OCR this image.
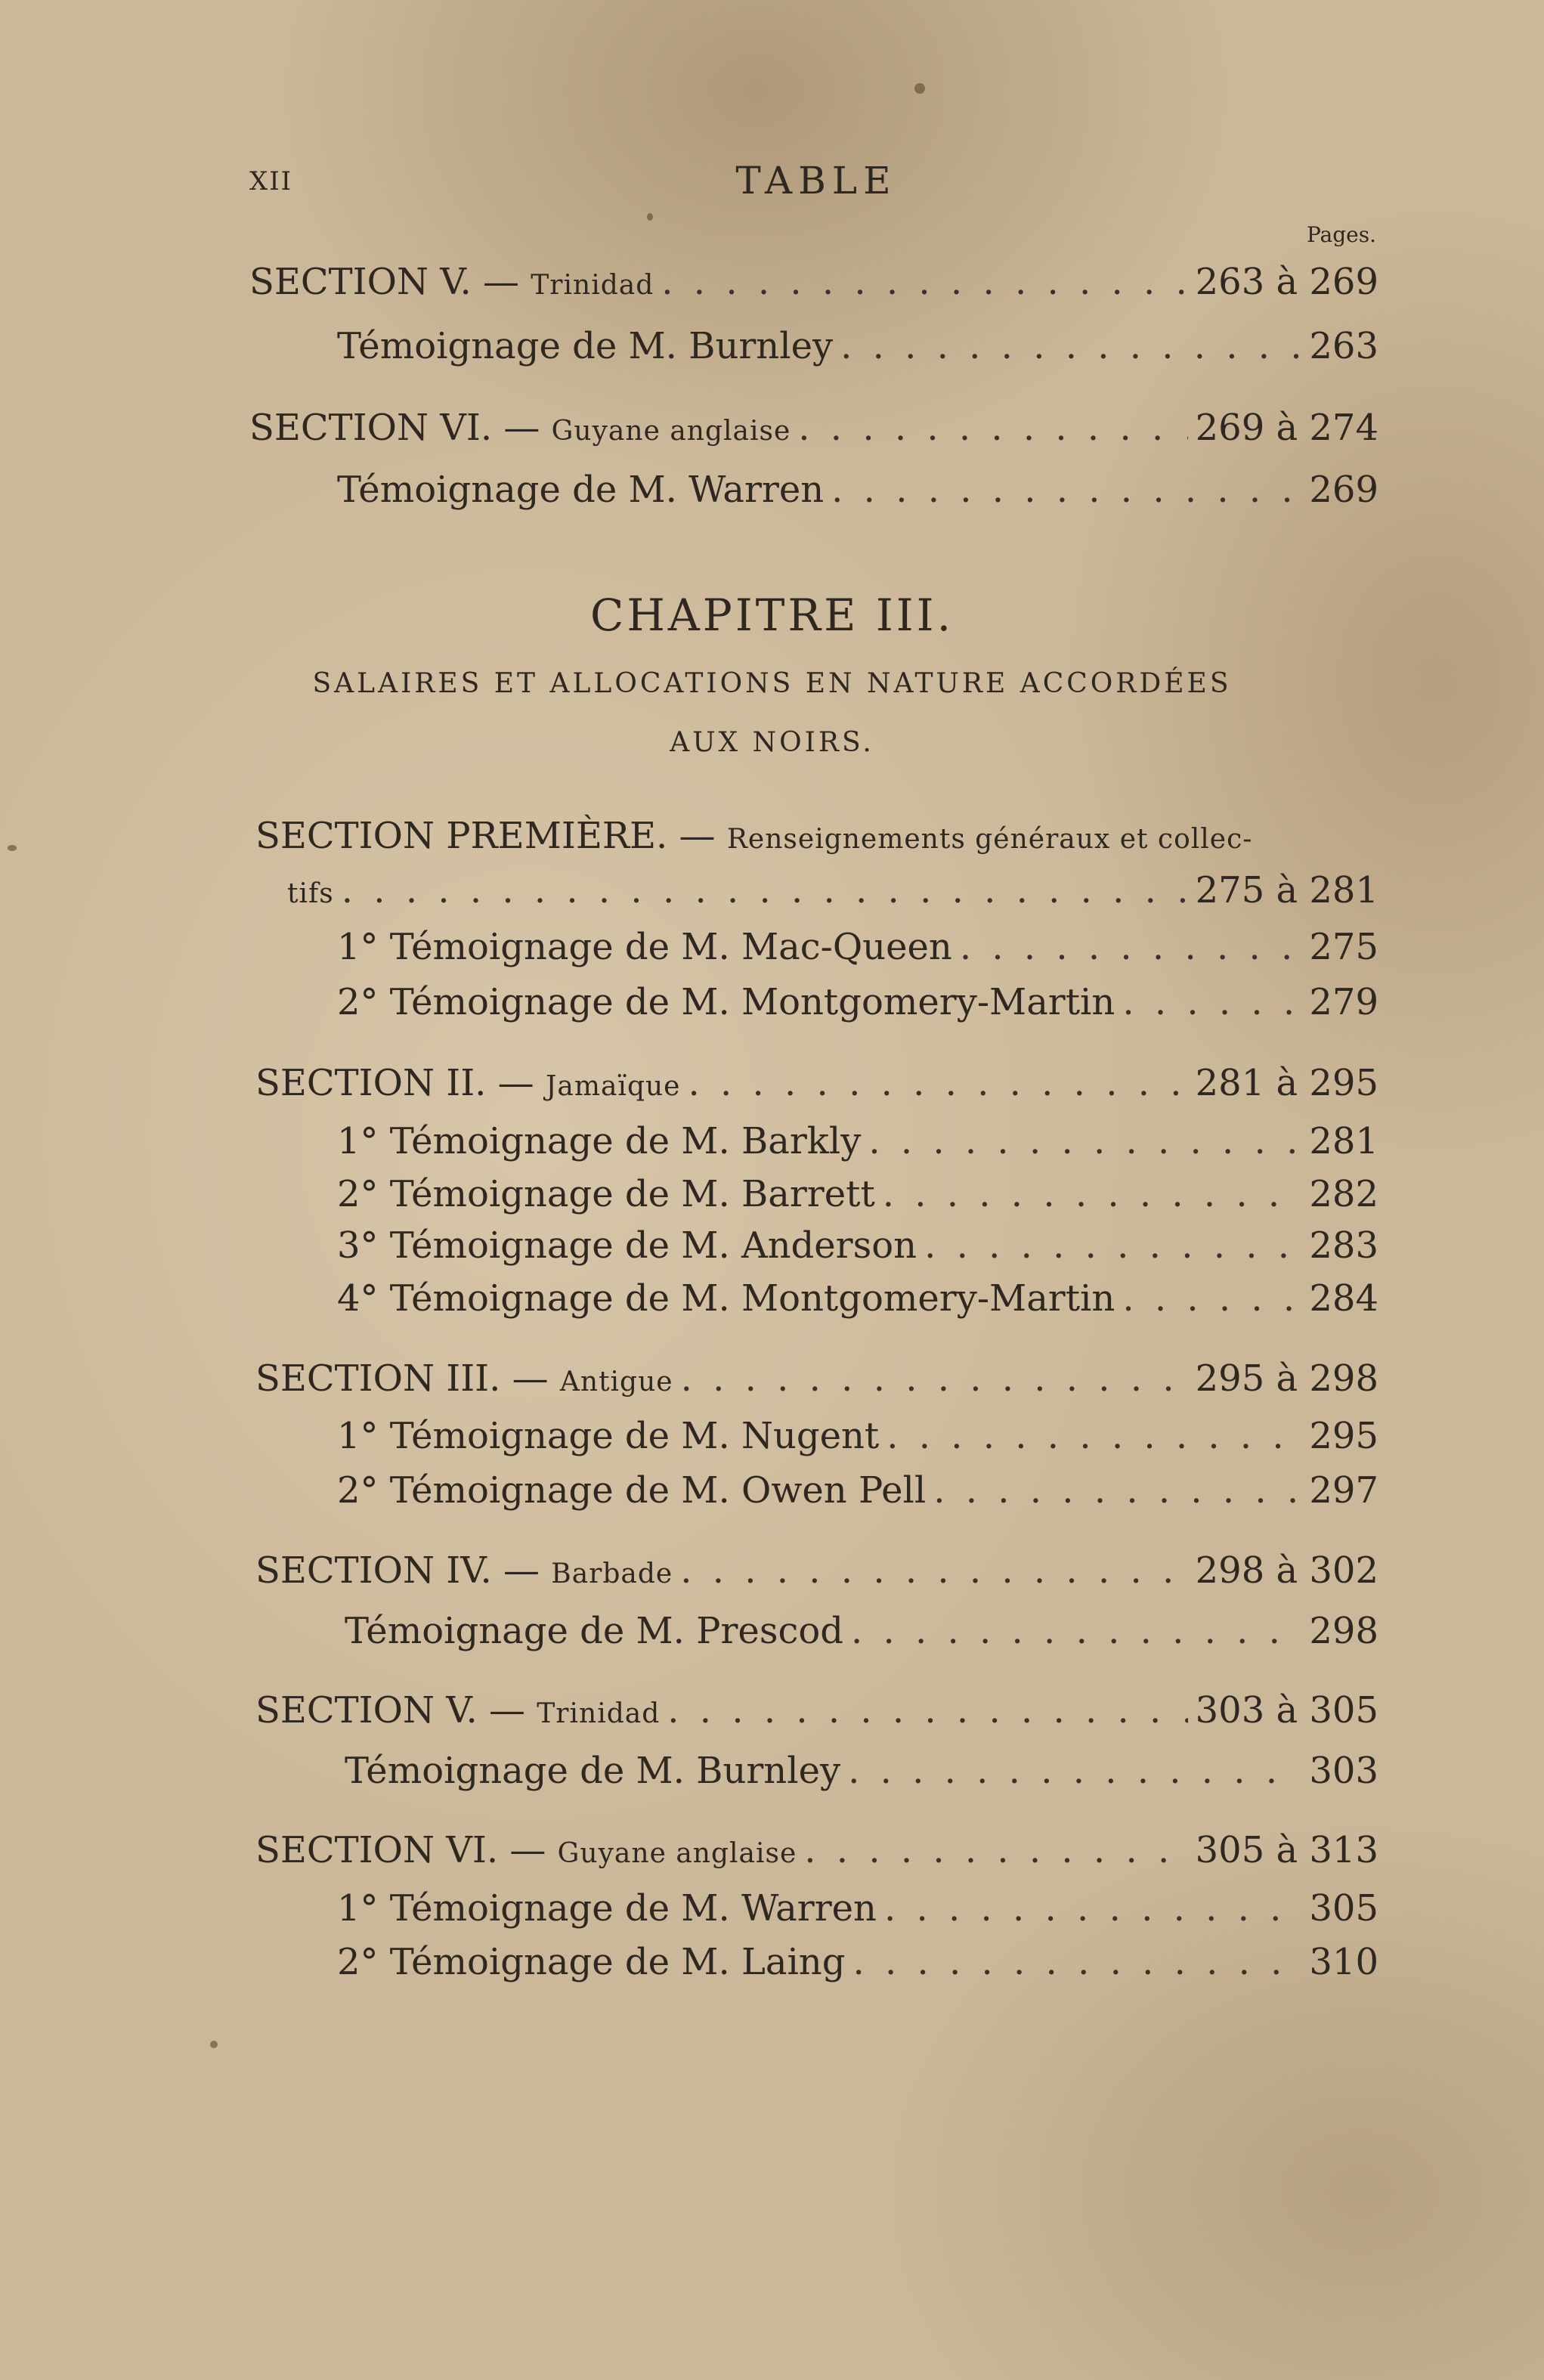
XII	TABLE
Pages.
SECTION V. — Trinidad . . .	263 à 269
Témoignage de M. Burnley . . .	263
SECTION VI. — Guyane anglaise . . .	269 à 274
Témoignage de M. Warren . . .	269
CHAPITRE III.
SALAIRES ET ALLOCATIONS EN NATURE ACCORDÉES
AUX NOIRS.
SECTION PREMIÈRE. — Renseignements généraux et collec-
tifs . . .	275 à 281
1° Témoignage de M. Mac-Queen . . .	275
2° Témoignage de M. Montgomery-Martin . . .	279
SECTION II. — Jamaïque . . .	281 à 295
1° Témoignage de M. Barkly . . .	281
2° Témoignage de M. Barrett . . .	282
3° Témoignage de M. Anderson . . .	283
4° Témoignage de M. Montgomery-Martin . . .	284
SECTION III. — Antigue . . .	295 à 298
1° Témoignage de M. Nugent . . .	295
2° Témoignage de M. Owen Pell . . .	297
SECTION IV. — Barbade . . .	298 à 302
Témoignage de M. Prescod . . .	298
SECTION V. — Trinidad . . .	303 à 305
Témoignage de M. Burnley . . .	303
SECTION VI. — Guyane anglaise . . .	305 à 313
1° Témoignage de M. Warren . . .	305
2° Témoignage de M. Laing . . .	310
